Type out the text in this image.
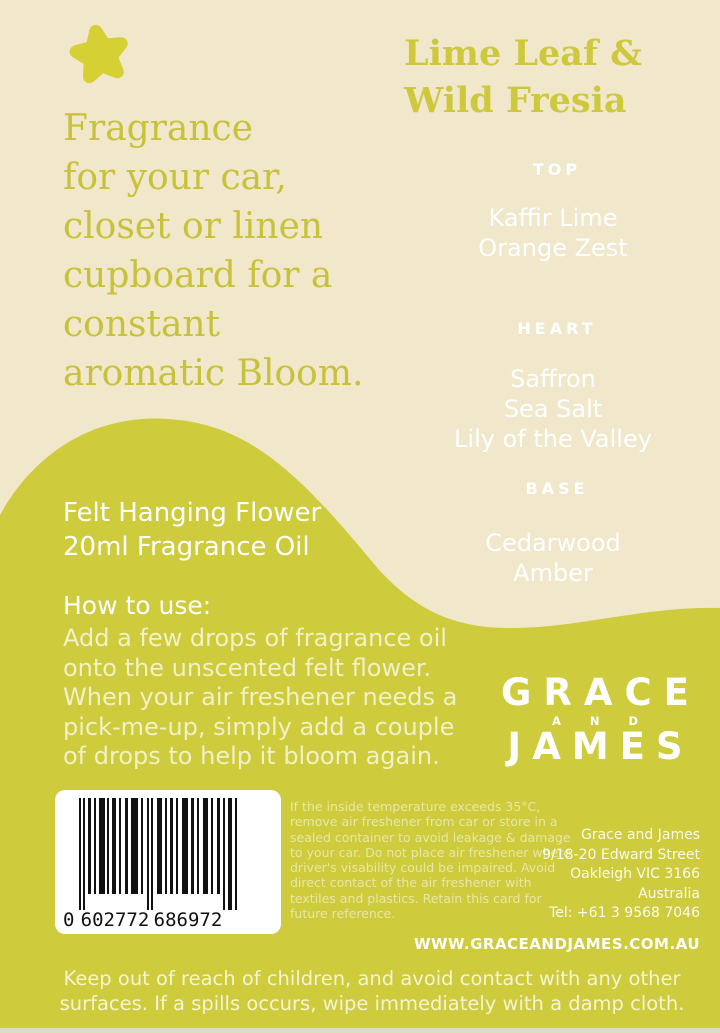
Fragrance
for your car,
closet or linen
cupboard for a
constant
aromatic Bloom.
Lime Leaf &
Wild Fresia
TOP
Kaffir Lime
Orange Zest
HEART
Saffron
Sea Salt
Lily of the Valley
BASE
Cedarwood
Amber
Felt Hanging Flower
20ml Fragrance Oil
How to use:
Add a few drops of fragrance oil onto the unscented felt flower. When your air freshener needs a pick-me-up, simply add a couple of drops to help it bloom again.
GRACE
AND
JAMES
0 602772 686972
If the inside temperature exceeds 35°C, remove air freshener from car or store in a sealed container to avoid leakage & damage to your car. Do not place air freshener where driver's visability could be impaired. Avoid direct contact of the air freshener with textiles and plastics. Retain this card for future reference.
Grace and James
9/18-20 Edward Street
Oakleigh VIC 3166
Australia
Tel: +61 3 9568 7046
WWW.GRACEANDJAMES.COM.AU
Keep out of reach of children, and avoid contact with any other surfaces. If a spills occurs, wipe immediately with a damp cloth.
